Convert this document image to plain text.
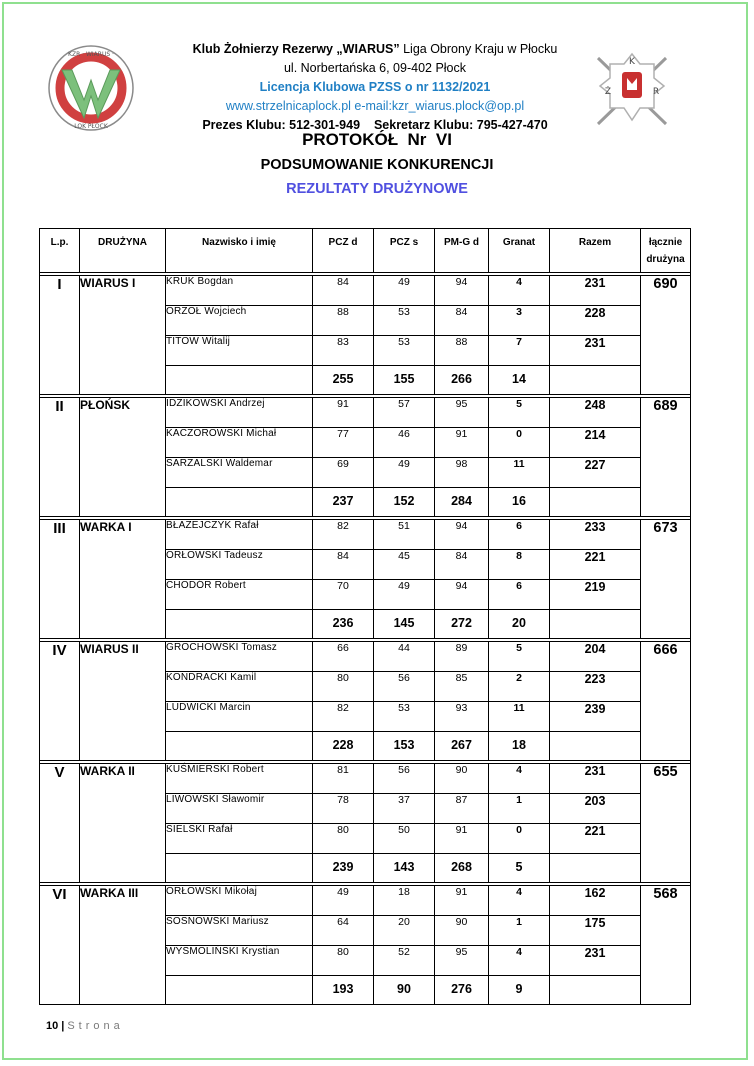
KZR · WIARUS ·
LOK PŁOCK
K
Ż	R
Klub Żołnierzy Rezerwy „WIARUS” Liga Obrony Kraju w Płocku
ul. Norbertańska 6, 09-402 Płock
Licencja Klubowa PZSS o nr 1132/2021
www.strzelnicaplock.pl e-mail:kzr_wiarus.plock@op.pl
Prezes Klubu: 512-301-949 Sekretarz Klubu: 795-427-470
PROTOKÓŁ  Nr  VI
PODSUMOWANIE KONKURENCJI
REZULTATY DRUŻYNOWE
L.p.	DRUŻYNA	Nazwisko i imię	PCZ d	PCZ s	PM-G d	Granat	Razem	łącznie
drużyna

I	WIARUS I	KRUK Bogdan	84	49	94	4	231	690
		ORZOŁ Wojciech	88	53	84	3	228	
		TITOW Witalij	83	53	88	7	231	
			255	155	266	14		

II	PŁOŃSK	IDZIKOWSKI Andrzej	91	57	95	5	248	689
		KACZOROWSKI Michał	77	46	91	0	214	
		SARZALSKI Waldemar	69	49	98	11	227	
			237	152	284	16		

III	WARKA I	BŁAŻEJCZYK Rafał	82	51	94	6	233	673
		ORŁOWSKI Tadeusz	84	45	84	8	221	
		CHODÓR Robert	70	49	94	6	219	
			236	145	272	20		

IV	WIARUS II	GROCHOWSKI Tomasz	66	44	89	5	204	666
		KONDRACKI Kamil	80	56	85	2	223	
		LUDWICKI Marcin	82	53	93	11	239	
			228	153	267	18		

V	WARKA II	KUŚMIERSKI Robert	81	56	90	4	231	655
		LIWOWSKI Sławomir	78	37	87	1	203	
		SIELSKI Rafał	80	50	91	0	221	
			239	143	268	5		

VI	WARKA III	ORŁOWSKI Mikołaj	49	18	91	4	162	568
		SOSNOWSKI Mariusz	64	20	90	1	175	
		WYSMOLIŃSKI Krystian	80	52	95	4	231	
			193	90	276	9		
10 | Strona
